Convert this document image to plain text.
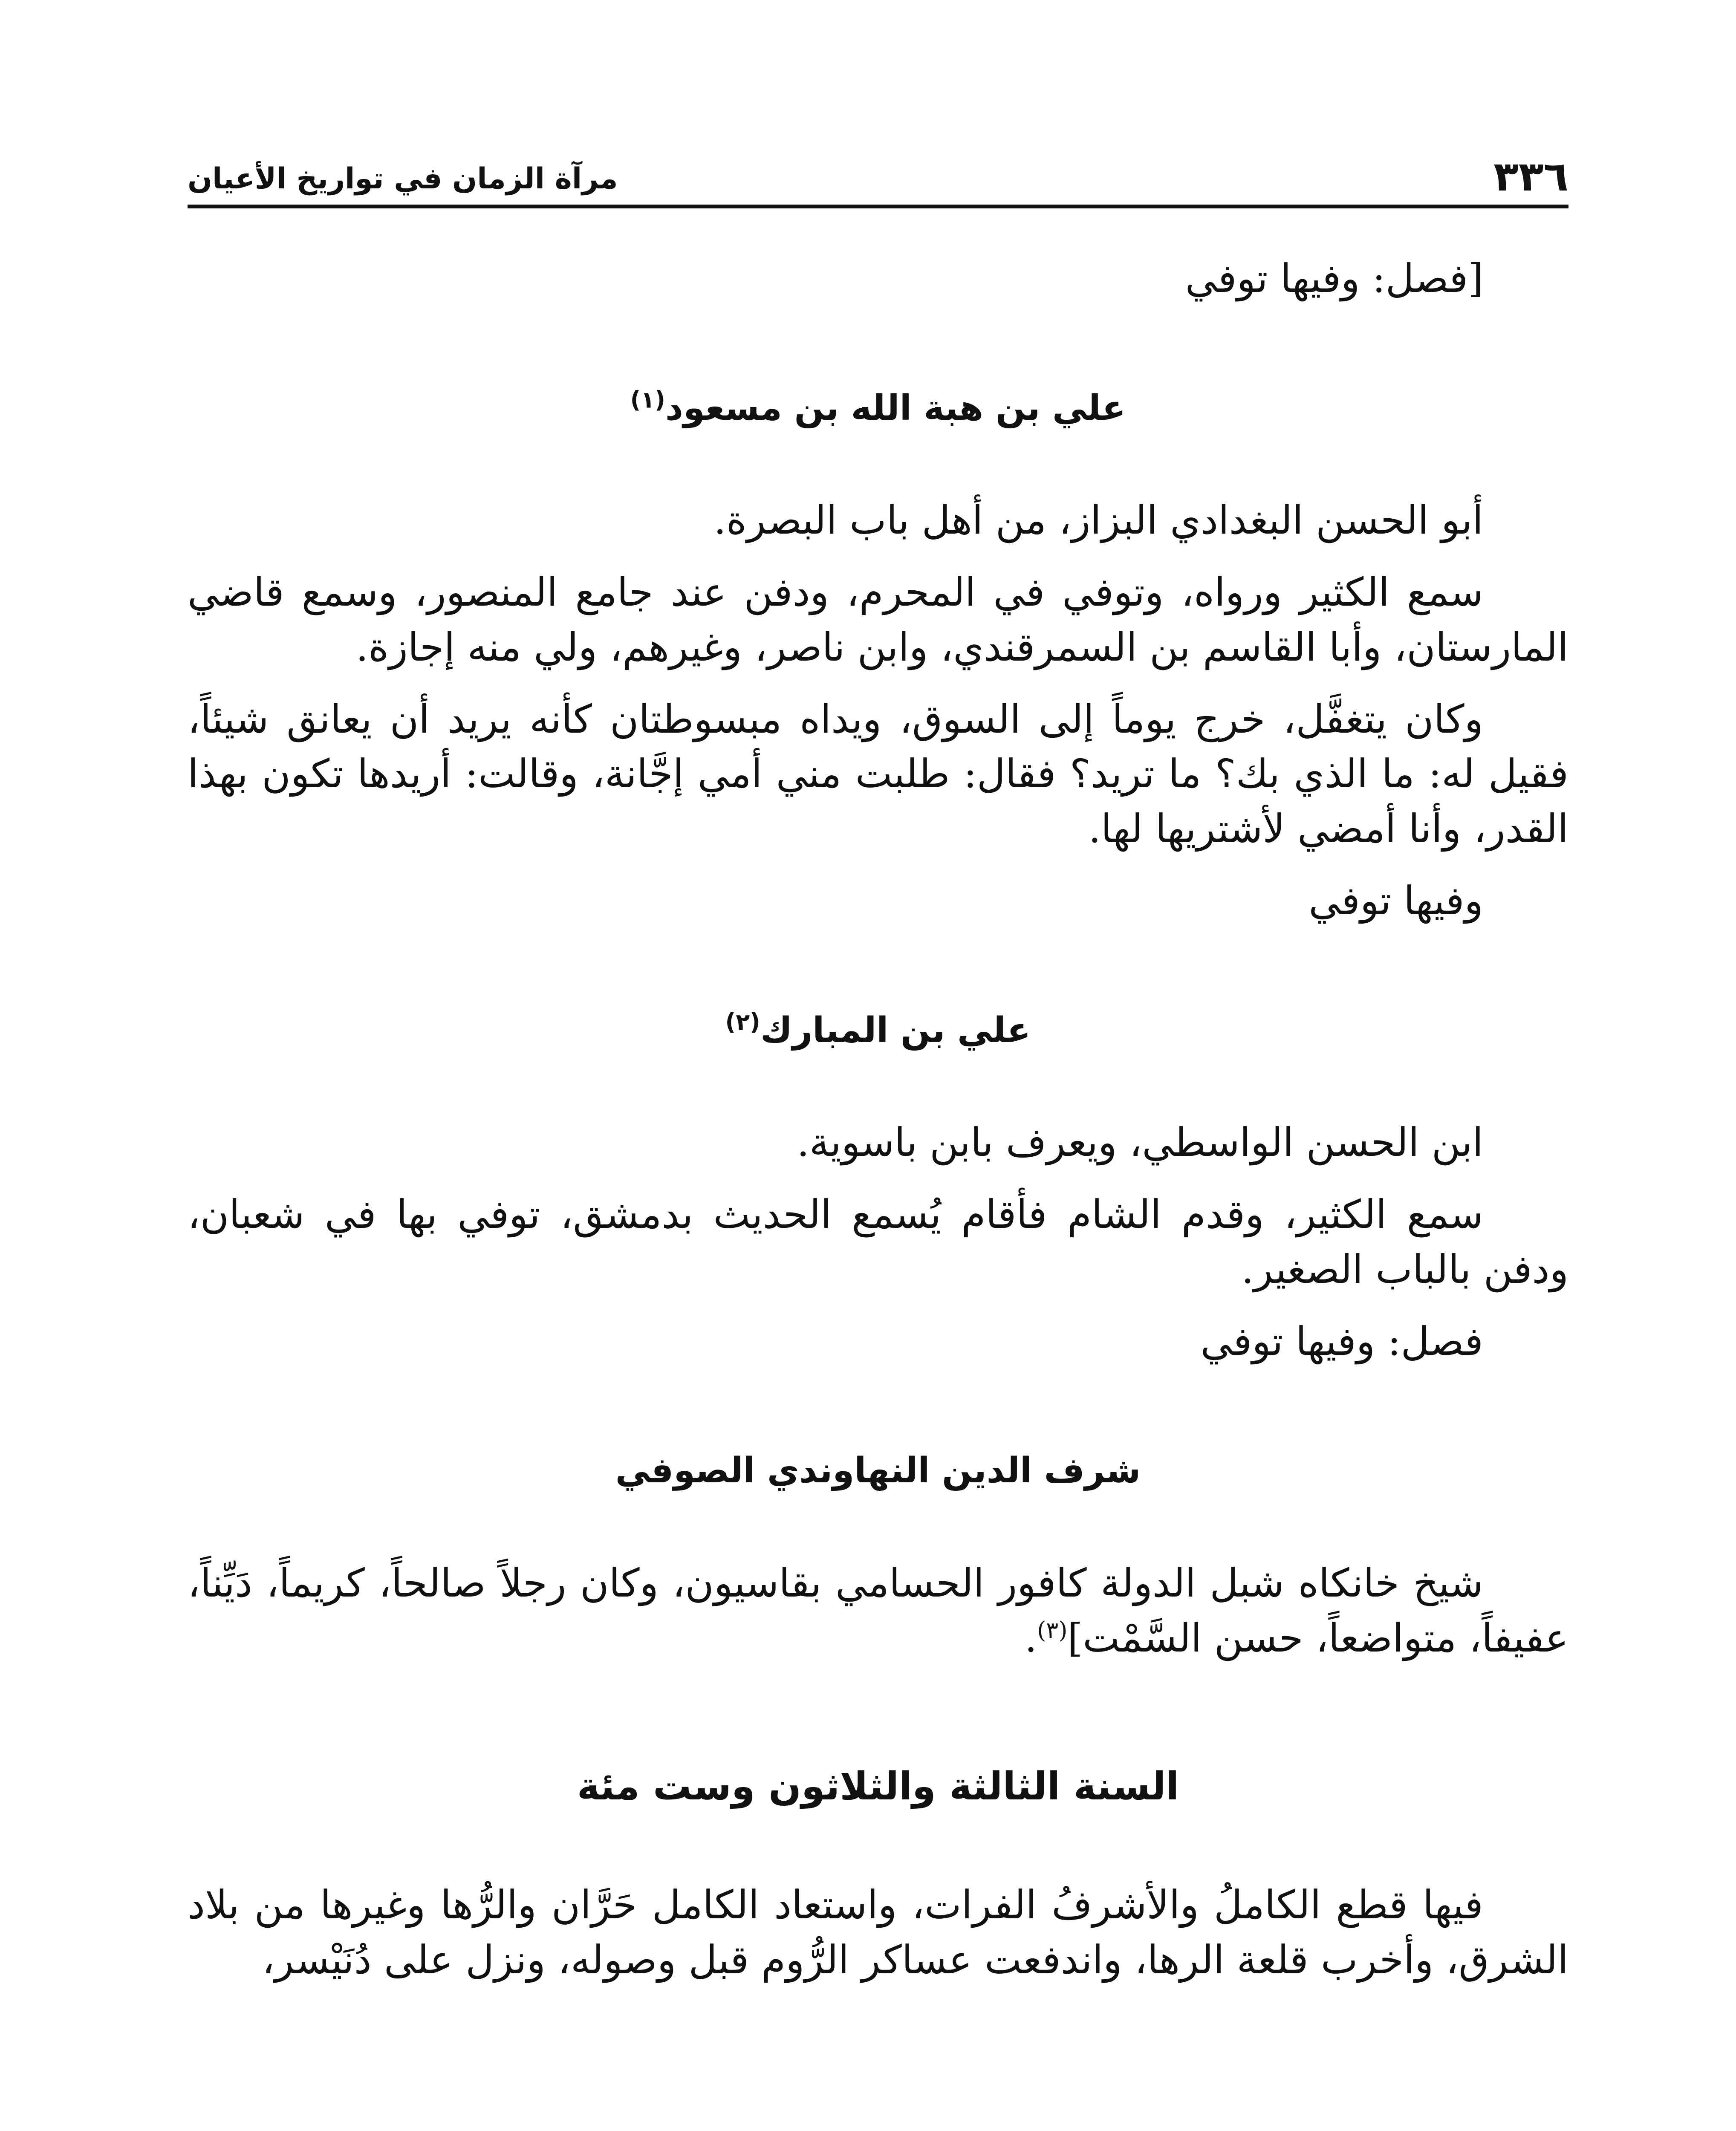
٣٣٦
مرآة الزمان في تواريخ الأعيان

[فصل: وفيها توفي

علي بن هبة الله بن مسعود$^{(١)}$

أبو الحسن البغدادي البزاز، من أهل باب البصرة.

سمع الكثير ورواه، وتوفي في المحرم، ودفن عند جامع المنصور، وسمع قاضي المارستان، وأبا القاسم بن السمرقندي، وابن ناصر، وغيرهم، ولي منه إجازة.

وكان يتغفَّل، خرج يوماً إلى السوق، ويداه مبسوطتان كأنه يريد أن يعانق شيئاً، فقيل له: ما الذي بك؟ ما تريد؟ فقال: طلبت مني أمي إجَّانة، وقالت: أريدها تكون بهذا القدر، وأنا أمضي لأشتريها لها.

وفيها توفي

علي بن المبارك$^{(٢)}$

ابن الحسن الواسطي، ويعرف بابن باسوية.

سمع الكثير، وقدم الشام فأقام يُسمع الحديث بدمشق، توفي بها في شعبان، ودفن بالباب الصغير.

فصل: وفيها توفي

شرف الدين النهاوندي الصوفي

شيخ خانكاه شبل الدولة كافور الحسامي بقاسيون، وكان رجلاً صالحاً، كريماً، دَيِّناً، عفيفاً، متواضعاً، حسن السَّمْت]$^{(٣)}$.

السنة الثالثة والثلاثون وست مئة

فيها قطع الكاملُ والأشرفُ الفرات، واستعاد الكامل حَرَّان والرُّها وغيرها من بلاد الشرق، وأخرب قلعة الرها، واندفعت عساكر الرُّوم قبل وصوله، ونزل على دُنَيْسر،
